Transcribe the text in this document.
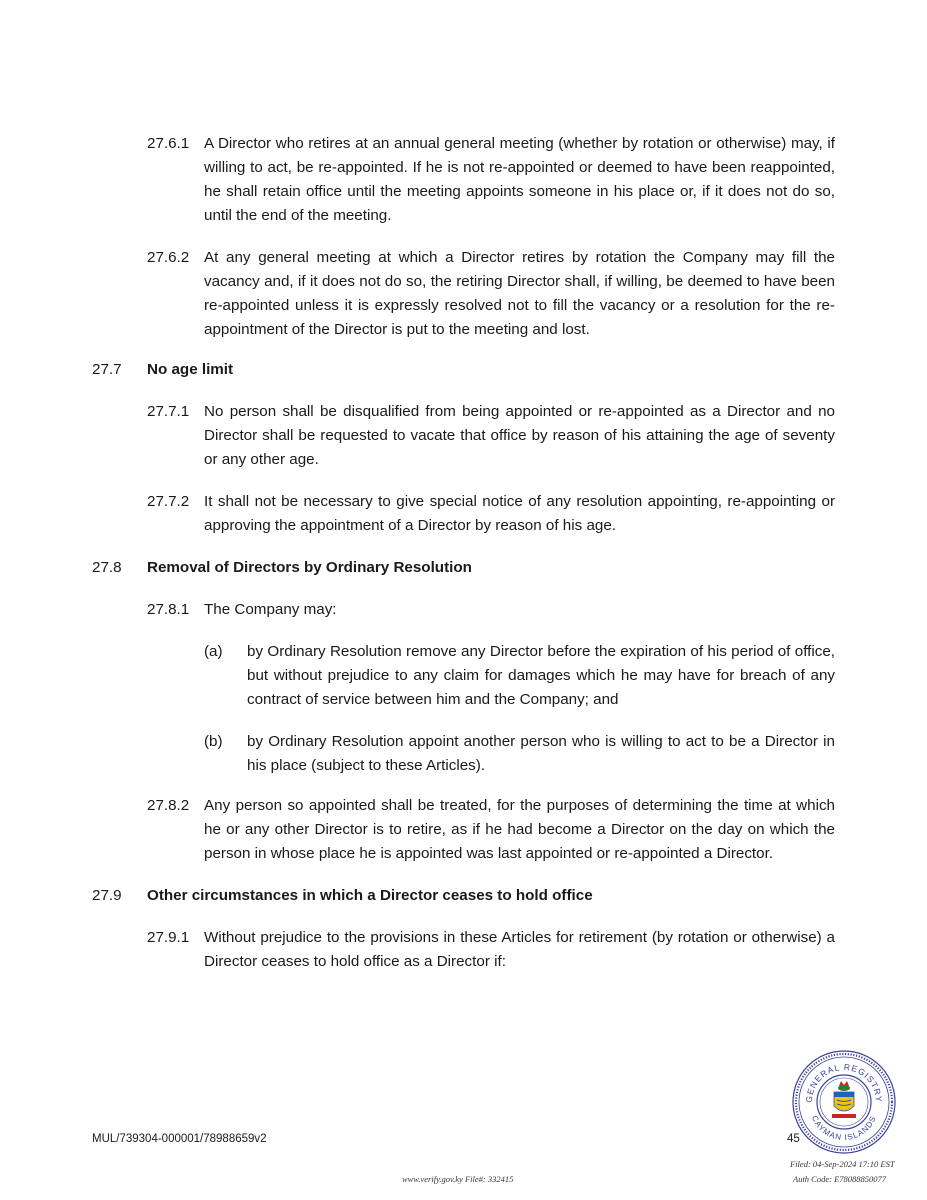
27.6.1 A Director who retires at an annual general meeting (whether by rotation or otherwise) may, if willing to act, be re-appointed. If he is not re-appointed or deemed to have been reappointed, he shall retain office until the meeting appoints someone in his place or, if it does not do so, until the end of the meeting.
27.6.2 At any general meeting at which a Director retires by rotation the Company may fill the vacancy and, if it does not do so, the retiring Director shall, if willing, be deemed to have been re-appointed unless it is expressly resolved not to fill the vacancy or a resolution for the re-appointment of the Director is put to the meeting and lost.
27.7 No age limit
27.7.1 No person shall be disqualified from being appointed or re-appointed as a Director and no Director shall be requested to vacate that office by reason of his attaining the age of seventy or any other age.
27.7.2 It shall not be necessary to give special notice of any resolution appointing, re-appointing or approving the appointment of a Director by reason of his age.
27.8 Removal of Directors by Ordinary Resolution
27.8.1 The Company may:
(a) by Ordinary Resolution remove any Director before the expiration of his period of office, but without prejudice to any claim for damages which he may have for breach of any contract of service between him and the Company; and
(b) by Ordinary Resolution appoint another person who is willing to act to be a Director in his place (subject to these Articles).
27.8.2 Any person so appointed shall be treated, for the purposes of determining the time at which he or any other Director is to retire, as if he had become a Director on the day on which the person in whose place he is appointed was last appointed or re-appointed a Director.
27.9 Other circumstances in which a Director ceases to hold office
27.9.1 Without prejudice to the provisions in these Articles for retirement (by rotation or otherwise) a Director ceases to hold office as a Director if:
MUL/739304-000001/78988659v2	45
www.verify.gov.ky File#: 332415
Filed: 04-Sep-2024 17:10 EST
Auth Code: E78088850077
GENERAL REGISTRY
CAYMAN ISLANDS
